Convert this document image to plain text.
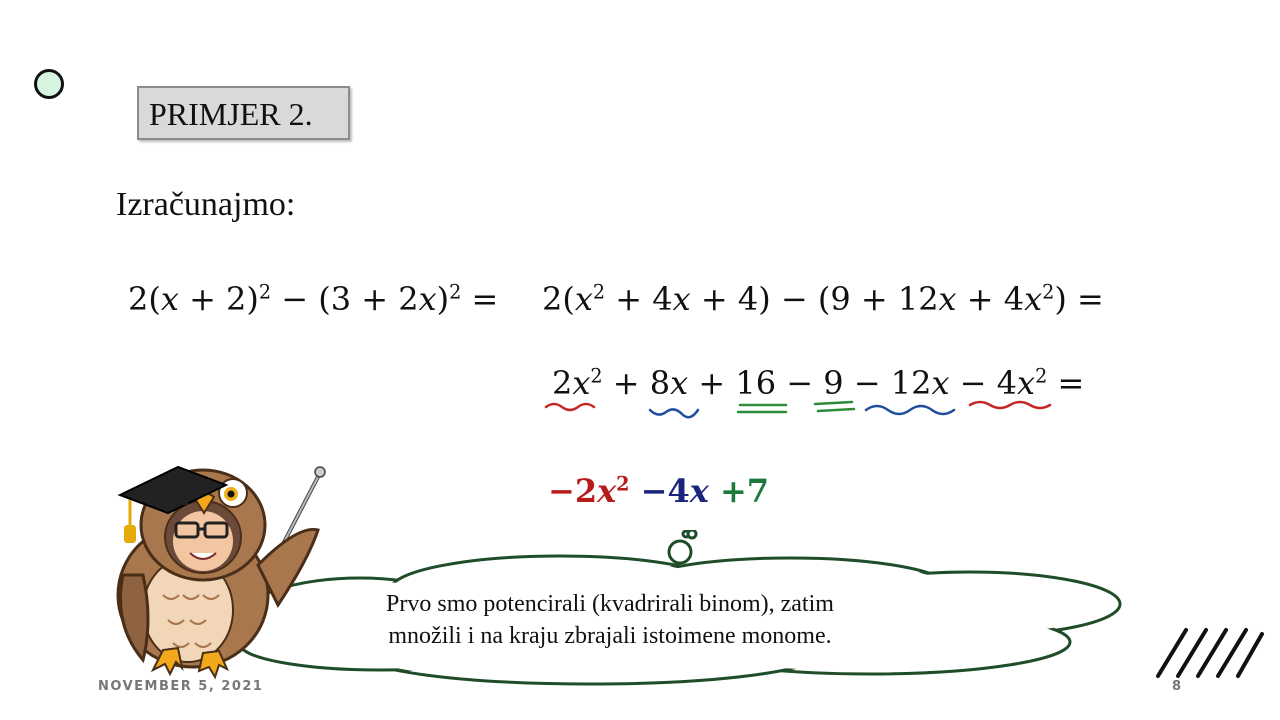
PRIMJER 2.
Izračunajmo:
$2(x + 2)^2 - (3 + 2x)^2 = 2(x^2 + 4x + 4) - (9 + 12x + 4x^2)$ =
$2x^2 + 8x + 16 - 9 - 12x - 4x^2$ =
$-2x^2 -4x +7$
Prvo smo potencirali (kvadrirali binom), zatim
množili i na kraju zbrajali istoimene monome.
NOVEMBER 5, 2021	8
